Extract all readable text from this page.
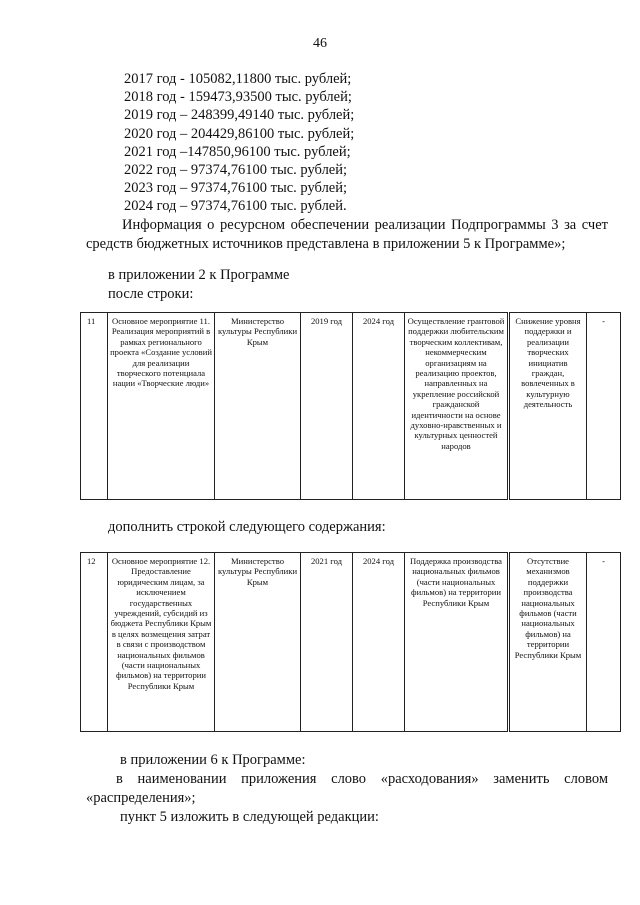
46
2017 год - 105082,11800 тыс. рублей;
2018 год - 159473,93500 тыс. рублей;
2019 год – 248399,49140 тыс. рублей;
2020 год – 204429,86100 тыс. рублей;
2021 год –147850,96100 тыс. рублей;
2022 год – 97374,76100 тыс. рублей;
2023 год – 97374,76100 тыс. рублей;
2024 год – 97374,76100 тыс. рублей.
Информация о ресурсном обеспечении реализации Подпрограммы 3 за счет средств бюджетных источников представлена в приложении 5 к Программе»;
в приложении 2 к Программе
после строки:
11	Основное мероприятие 11. Реализация мероприятий в рамках регионального проекта «Создание условий для реализации творческого потенциала нации «Творческие люди»	Министерство культуры Республики Крым	2019 год	2024 год	Осуществление грантовой поддержки любительским творческим коллективам, некоммерческим организациям на реализацию проектов, направленных на укрепление российской гражданской идентичности на основе духовно-нравственных и культурных ценностей народов	Снижение уровня поддержки и реализации творческих инициатив граждан, вовлеченных в культурную деятельность	-
дополнить строкой следующего содержания:
12	Основное мероприятие 12. Предоставление юридическим лицам, за исключением государственных учреждений, субсидий из бюджета Республики Крым в целях возмещения затрат в связи с производством национальных фильмов (части национальных фильмов) на территории Республики Крым	Министерство культуры Республики Крым	2021 год	2024 год	Поддержка производства национальных фильмов (части национальных фильмов) на территории Республики Крым	Отсутствие механизмов поддержки производства национальных фильмов (части национальных фильмов) на территории Республики Крым	-
в приложении 6 к Программе:
в наименовании приложения слово «расходования» заменить словом «распределения»;
пункт 5 изложить в следующей редакции:
